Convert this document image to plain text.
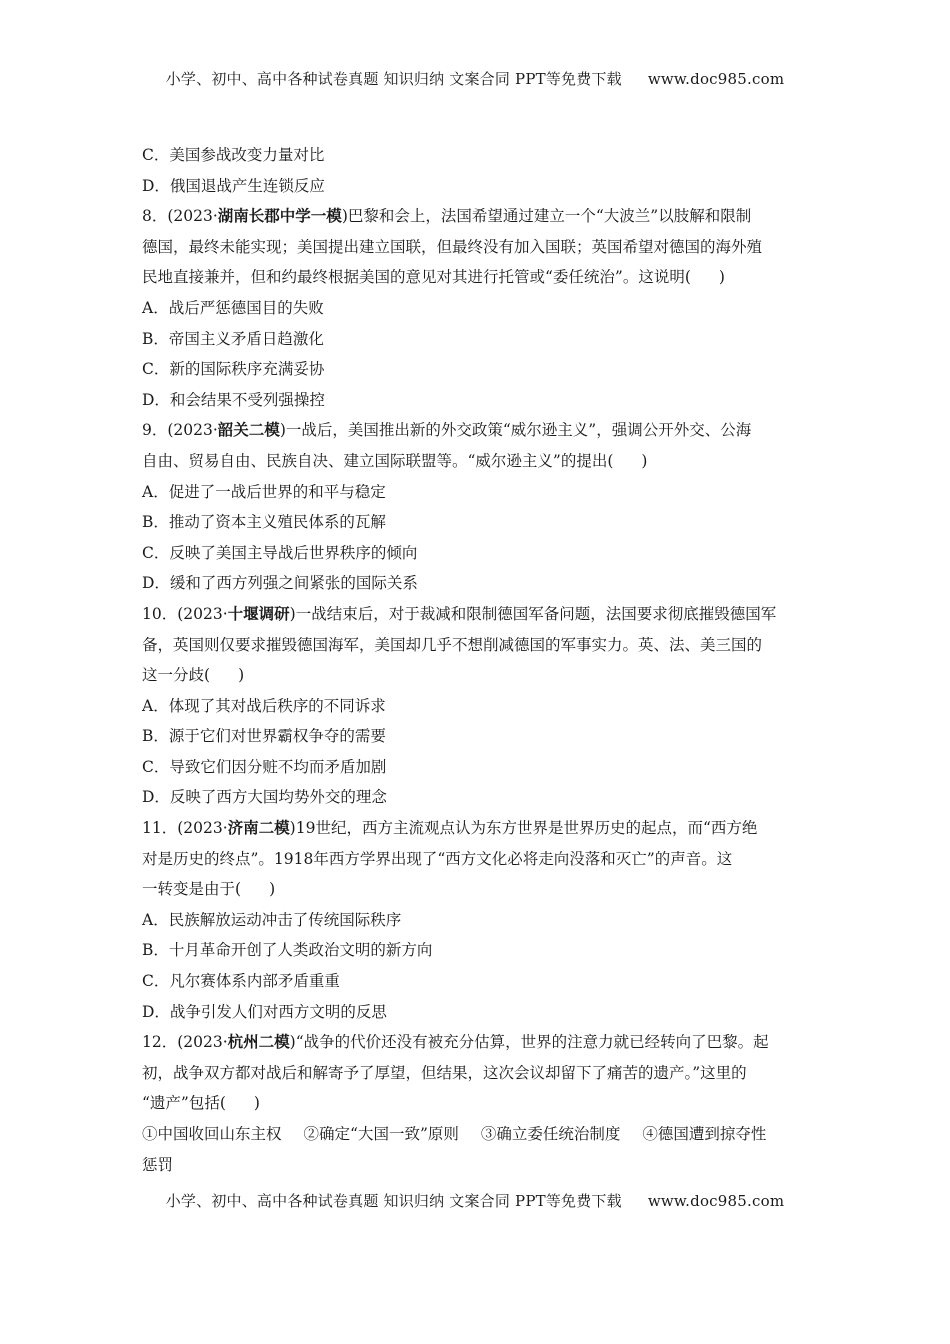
小学、初中、高中各种试卷真题 知识归纳 文案合同 PPT等免费下载 www.doc985.com
C．美国参战改变力量对比
D．俄国退战产生连锁反应
8．(2023·湖南长郡中学一模)巴黎和会上，法国希望通过建立一个“大波兰”以肢解和限制
德国，最终未能实现；美国提出建立国联，但最终没有加入国联；英国希望对德国的海外殖
民地直接兼并，但和约最终根据美国的意见对其进行托管或“委任统治”。这说明( )
A．战后严惩德国目的失败
B．帝国主义矛盾日趋激化
C．新的国际秩序充满妥协
D．和会结果不受列强操控
9．(2023·韶关二模)一战后，美国推出新的外交政策“威尔逊主义”，强调公开外交、公海
自由、贸易自由、民族自决、建立国际联盟等。“威尔逊主义”的提出( )
A．促进了一战后世界的和平与稳定
B．推动了资本主义殖民体系的瓦解
C．反映了美国主导战后世界秩序的倾向
D．缓和了西方列强之间紧张的国际关系
10．(2023·十堰调研)一战结束后，对于裁减和限制德国军备问题，法国要求彻底摧毁德国军
备，英国则仅要求摧毁德国海军，美国却几乎不想削减德国的军事实力。英、法、美三国的
这一分歧( )
A．体现了其对战后秩序的不同诉求
B．源于它们对世界霸权争夺的需要
C．导致它们因分赃不均而矛盾加剧
D．反映了西方大国均势外交的理念
11．(2023·济南二模)19世纪，西方主流观点认为东方世界是世界历史的起点，而“西方绝
对是历史的终点”。1918年西方学界出现了“西方文化必将走向没落和灭亡”的声音。这
一转变是由于( )
A．民族解放运动冲击了传统国际秩序
B．十月革命开创了人类政治文明的新方向
C．凡尔赛体系内部矛盾重重
D．战争引发人们对西方文明的反思
12．(2023·杭州二模)“战争的代价还没有被充分估算，世界的注意力就已经转向了巴黎。起
初，战争双方都对战后和解寄予了厚望，但结果，这次会议却留下了痛苦的遗产。”这里的
“遗产”包括( )
①中国收回山东主权 ②确定“大国一致”原则 ③确立委任统治制度 ④德国遭到掠夺性
惩罚
小学、初中、高中各种试卷真题 知识归纳 文案合同 PPT等免费下载 www.doc985.com
